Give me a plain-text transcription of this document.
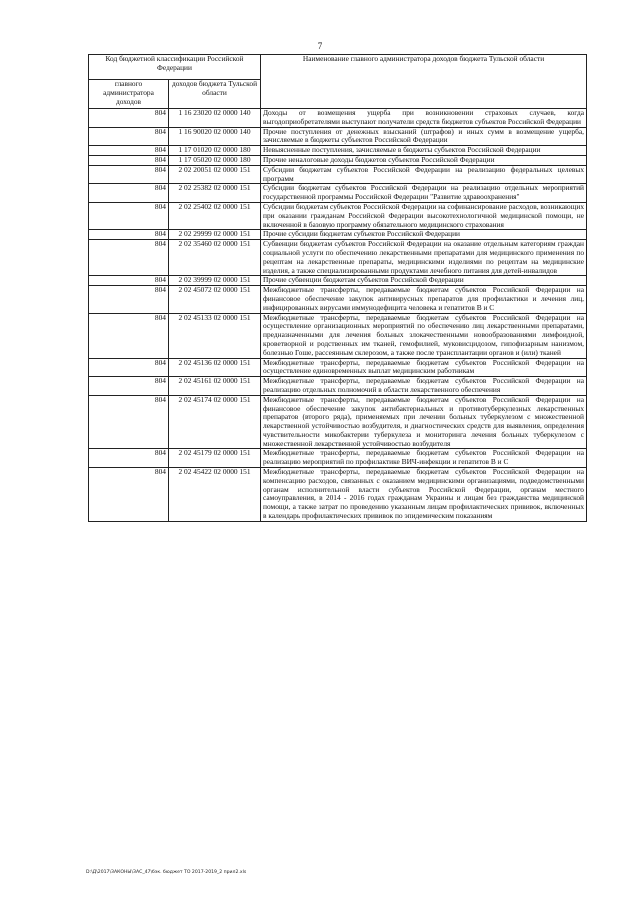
7
Код бюджетной классификации Российской Федерации		Наименование главного администратора доходов бюджета Тульской области
главного администратора доходов	доходов бюджета Тульской области	
804	1 16 23020 02 0000 140	Доходы от возмещения ущерба при возникновении страховых случаев, когда выгодоприобретателями выступают получатели средств бюджетов субъектов Российской Федерации
804	1 16 90020 02 0000 140	Прочие поступления от денежных взысканий (штрафов) и иных сумм в возмещение ущерба, зачисляемые в бюджеты субъектов Российской Федерации
804	1 17 01020 02 0000 180	Невыясненные поступления, зачисляемые в бюджеты субъектов Российской Федерации
804	1 17 05020 02 0000 180	Прочие неналоговые доходы бюджетов субъектов Российской Федерации
804	2 02 20051 02 0000 151	Субсидии бюджетам субъектов Российской Федерации на реализацию федеральных целевых программ
804	2 02 25382 02 0000 151	Субсидии бюджетам субъектов Российской Федерации на реализацию отдельных мероприятий государственной программы Российской Федерации "Развитие здравоохранения"
804	2 02 25402 02 0000 151	Субсидии бюджетам субъектов Российской Федерации на софинансирование расходов, возникающих при оказании гражданам Российской Федерации высокотехнологичной медицинской помощи, не включенной в базовую программу обязательного медицинского страхования
804	2 02 29999 02 0000 151	Прочие субсидии бюджетам субъектов Российской Федерации
804	2 02 35460 02 0000 151	Субвенции бюджетам субъектов Российской Федерации на оказание отдельным категориям граждан социальной услуги по обеспечению лекарственными препаратами для медицинского применения по рецептам на лекарственные препараты, медицинскими изделиями по рецептам на медицинские изделия, а также специализированными продуктами лечебного питания для детей-инвалидов
804	2 02 39999 02 0000 151	Прочие субвенции бюджетам субъектов Российской Федерации
804	2 02 45072 02 0000 151	Межбюджетные трансферты, передаваемые бюджетам субъектов Российской Федерации на финансовое обеспечение закупок антивирусных препаратов для профилактики и лечения лиц, инфицированных вирусами иммунодефицита человека и гепатитов В и С
804	2 02 45133 02 0000 151	Межбюджетные трансферты, передаваемые бюджетам субъектов Российской Федерации на осуществление организационных мероприятий по обеспечению лиц лекарственными препаратами, предназначенными для лечения больных злокачественными новообразованиями лимфоидной, кроветворной и родственных им тканей, гемофилией, муковисцидозом, гипофизарным нанизмом, болезнью Гоше, рассеянным склерозом, а также после трансплантации органов и (или) тканей
804	2 02 45136 02 0000 151	Межбюджетные трансферты, передаваемые бюджетам субъектов Российской Федерации на осуществление единовременных выплат медицинским работникам
804	2 02 45161 02 0000 151	Межбюджетные трансферты, передаваемые бюджетам субъектов Российской Федерации на реализацию отдельных полномочий в области лекарственного обеспечения
804	2 02 45174 02 0000 151	Межбюджетные трансферты, передаваемые бюджетам субъектов Российской Федерации на финансовое обеспечение закупок антибактериальных и противотуберкулезных лекарственных препаратов (второго ряда), применяемых при лечении больных туберкулезом с множественной лекарственной устойчивостью возбудителя, и диагностических средств для выявления, определения чувствительности микобактерии туберкулеза и мониторинга лечения больных туберкулезом с множественной лекарственной устойчивостью возбудителя
804	2 02 45179 02 0000 151	Межбюджетные трансферты, передаваемые бюджетам субъектов Российской Федерации на реализацию мероприятий по профилактике ВИЧ-инфекции и гепатитов В и С
804	2 02 45422 02 0000 151	Межбюджетные трансферты, передаваемые бюджетам субъектов Российской Федерации на компенсацию расходов, связанных с оказанием медицинскими организациями, подведомственными органам исполнительной власти субъектов Российской Федерации, органам местного самоуправления, в 2014 - 2016 годах гражданам Украины и лицам без гражданства медицинской помощи, а также затрат по проведению указанным лицам профилактических прививок, включенных в календарь профилактических прививок по эпидемическим показаниям
D:\Д\2017\ЗАКОНЫ\ЗАС_47\бэк. бюджет ТО 2017-2019_2 прил2.xls
